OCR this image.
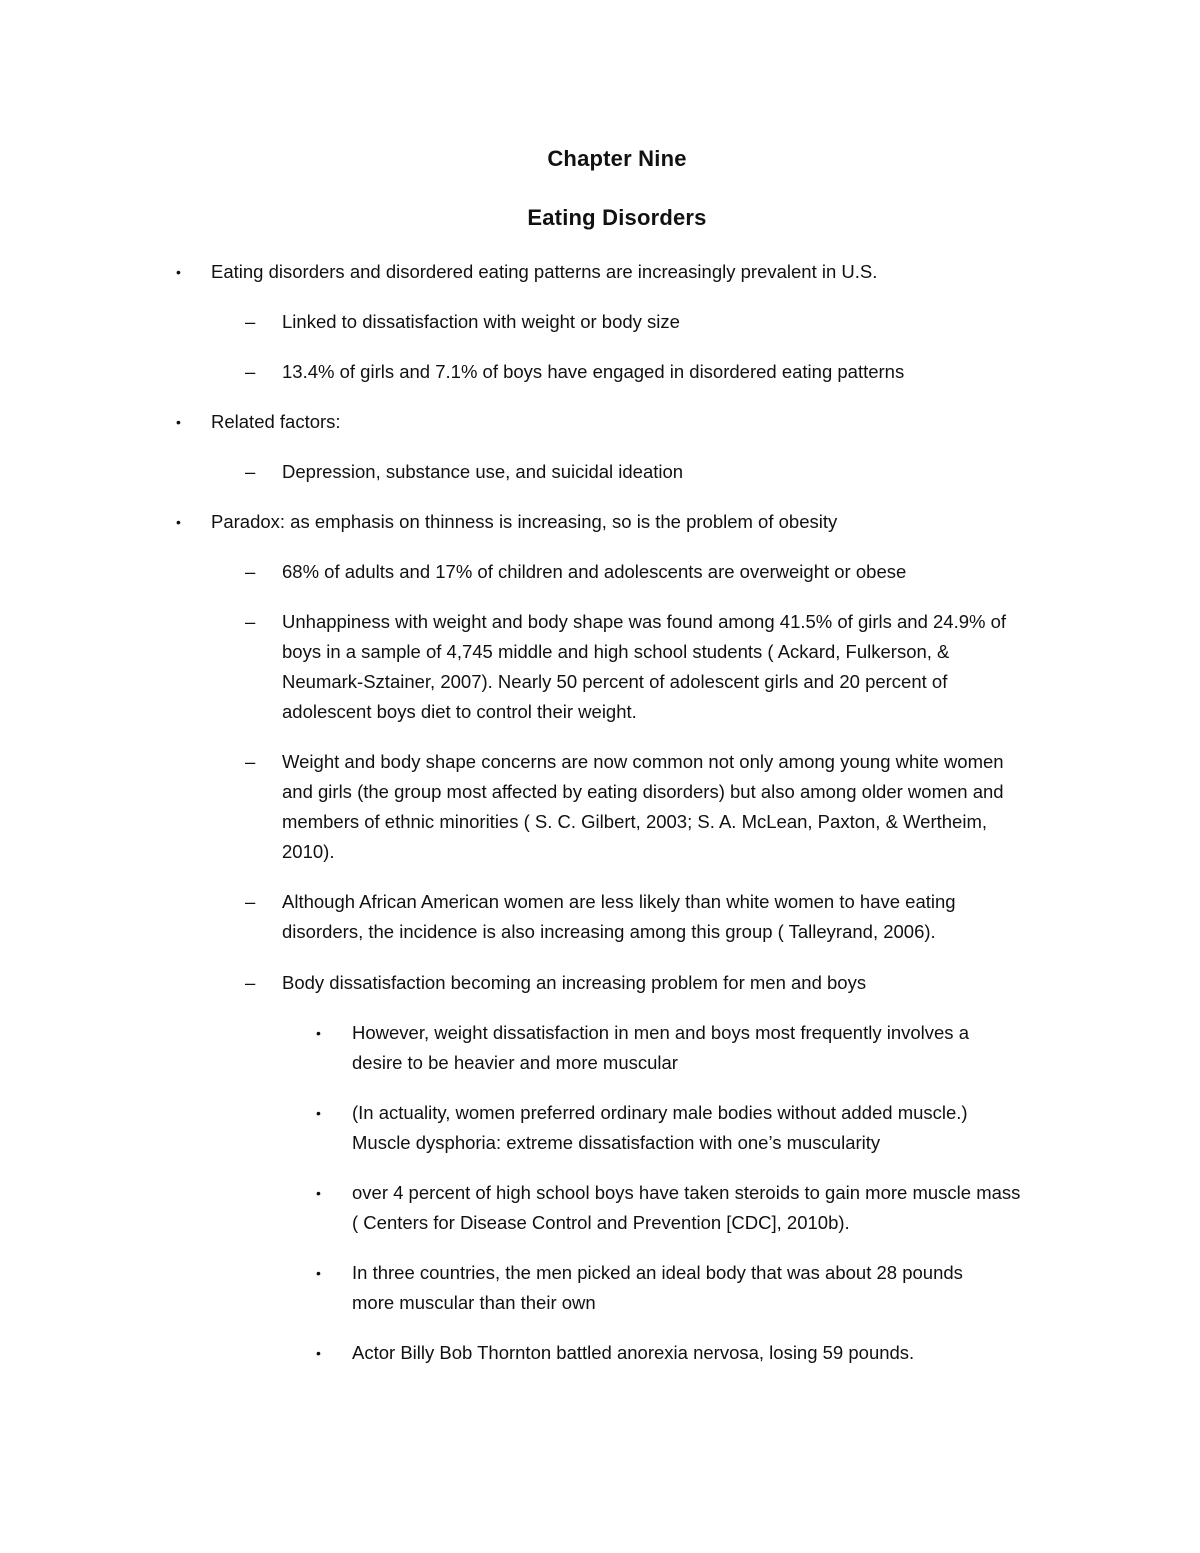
Chapter Nine
Eating Disorders
• Eating disorders and disordered eating patterns are increasingly prevalent in U.S.
– Linked to dissatisfaction with weight or body size
– 13.4% of girls and 7.1% of boys have engaged in disordered eating patterns
• Related factors:
– Depression, substance use, and suicidal ideation
• Paradox: as emphasis on thinness is increasing, so is the problem of obesity
– 68% of adults and 17% of children and adolescents are overweight or obese
– Unhappiness with weight and body shape was found among 41.5% of girls and 24.9% of
boys in a sample of 4,745 middle and high school students ( Ackard, Fulkerson, &
Neumark-Sztainer, 2007). Nearly 50 percent of adolescent girls and 20 percent of
adolescent boys diet to control their weight.
– Weight and body shape concerns are now common not only among young white women
and girls (the group most affected by eating disorders) but also among older women and
members of ethnic minorities ( S. C. Gilbert, 2003; S. A. McLean, Paxton, & Wertheim,
2010).
– Although African American women are less likely than white women to have eating
disorders, the incidence is also increasing among this group ( Talleyrand, 2006).
– Body dissatisfaction becoming an increasing problem for men and boys
• However, weight dissatisfaction in men and boys most frequently involves a
desire to be heavier and more muscular
• (In actuality, women preferred ordinary male bodies without added muscle.)
Muscle dysphoria: extreme dissatisfaction with one’s muscularity
• over 4 percent of high school boys have taken steroids to gain more muscle mass
( Centers for Disease Control and Prevention [CDC], 2010b).
• In three countries, the men picked an ideal body that was about 28 pounds
more muscular than their own
• Actor Billy Bob Thornton battled anorexia nervosa, losing 59 pounds.
